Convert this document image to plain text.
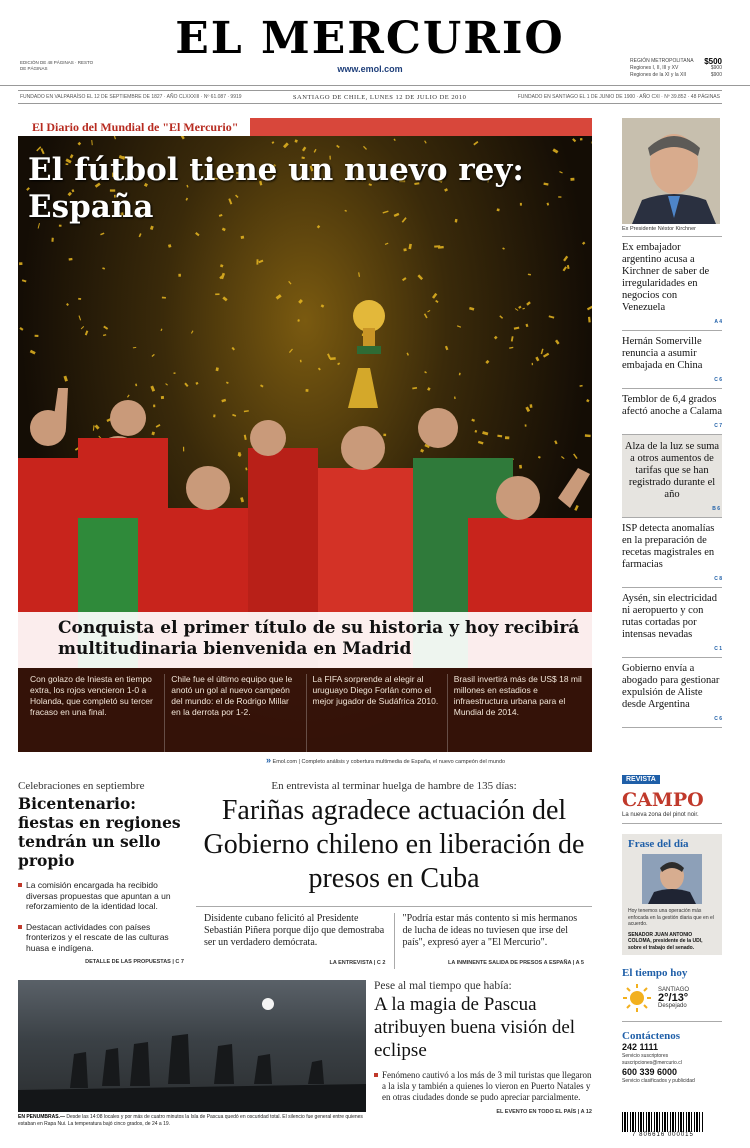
EDICIÓN DE 48 PÁGINAS · RESTO DE PÁGINAS
EL MERCURIO
www.emol.com
REGIÓN METROPOLITANA $500
Regiones I, II, III y XV	$900
Regiones de la XI y la XII	$900
FUNDADO EN VALPARAÍSO EL 12 DE SEPTIEMBRE DE 1827 · AÑO CLXXXIII · Nº 61.087 · 9919	SANTIAGO DE CHILE, LUNES 12 DE JULIO DE 2010	FUNDADO EN SANTIAGO EL 1 DE JUNIO DE 1900 · AÑO CXI · Nº 39.852 · 48 PÁGINAS
El Diario del Mundial de "El Mercurio"
El fútbol tiene un nuevo rey: España
Conquista el primer título de su historia y hoy recibirá multitudinaria bienvenida en Madrid
Con golazo de Iniesta en tiempo extra, los rojos vencieron 1-0 a Holanda, que completó su tercer fracaso en una final.
Chile fue el último equipo que le anotó un gol al nuevo campeón del mundo: el de Rodrigo Millar en la derrota por 1-2.
La FIFA sorprende al elegir al uruguayo Diego Forlán como el mejor jugador de Sudáfrica 2010.
Brasil invertirá más de US$ 18 mil millones en estadios e infraestructura urbana para el Mundial de 2014.
» Emol.com | Completo análisis y cobertura multimedia de España, el nuevo campeón del mundo
Ex Presidente Néstor Kirchner
Ex embajador argentino acusa a Kirchner de saber de irregularidades en negocios con Venezuela
A 4
Hernán Somerville renuncia a asumir embajada en China
C 6
Temblor de 6,4 grados afectó anoche a Calama
C 7
Alza de la luz se suma a otros aumentos de tarifas que se han registrado durante el año
B 6
ISP detecta anomalías en la preparación de recetas magistrales en farmacias
C 8
Aysén, sin electricidad ni aeropuerto y con rutas cortadas por intensas nevadas
C 1
Gobierno envía a abogado para gestionar expulsión de Aliste desde Argentina
C 6
Celebraciones en septiembre
Bicentenario: fiestas en regiones tendrán un sello propio
La comisión encargada ha recibido diversas propuestas que apuntan a un reforzamiento de la identidad local.
Destacan actividades con países fronterizos y el rescate de las culturas huasa e indígena.
DETALLE DE LAS PROPUESTAS | C 7
En entrevista al terminar huelga de hambre de 135 días:
Fariñas agradece actuación del Gobierno chileno en liberación de presos en Cuba
Disidente cubano felicitó al Presidente Sebastián Piñera porque dijo que demostraba ser un verdadero demócrata.
LA ENTREVISTA | C 2
"Podría estar más contento si mis hermanos de lucha de ideas no tuviesen que irse del país", expresó ayer a "El Mercurio".
LA INMINENTE SALIDA DE PRESOS A ESPAÑA | A 5
EN PENUMBRAS.— Desde las 14:08 locales y por más de cuatro minutos la Isla de Pascua quedó en oscuridad total. El silencio fue general entre quienes estaban en Rapa Nui. La temperatura bajó cinco grados, de 24 a 19.
Pese al mal tiempo que había:
A la magia de Pascua atribuyen buena visión del eclipse
Fenómeno cautivó a los más de 3 mil turistas que llegaron a la isla y también a quienes lo vieron en Puerto Natales y en otras ciudades donde se pudo apreciar parcialmente.
EL EVENTO EN TODO EL PAÍS | A 12
REVISTA
CAMPO
La nueva zona del pinot noir.
Frase del día
Hoy tenemos una operación más enfocada en la gestión diaria que en el acuerdo.
SENADOR JUAN ANTONIO COLOMA, presidente de la UDI, sobre el trabajo del senado.
El tiempo hoy
SANTIAGO
2°/13°
Despejado
Contáctenos
242 1111
Servicio suscriptores suscripciones@mercurio.cl
600 339 6000
Servicio clasificados y publicidad
7 806616 000015
